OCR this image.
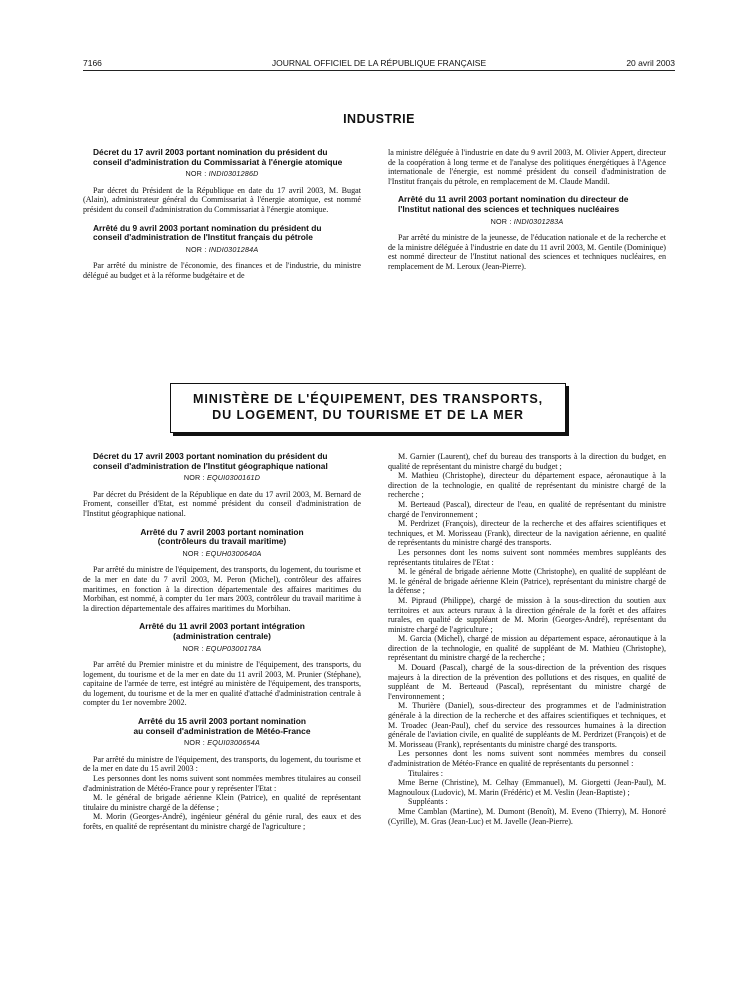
7166	JOURNAL OFFICIEL DE LA RÉPUBLIQUE FRANÇAISE	20 avril 2003
INDUSTRIE
Décret du 17 avril 2003 portant nomination du président du conseil d'administration du Commissariat à l'énergie atomique
NOR : INDI0301286D

Par décret du Président de la République en date du 17 avril 2003, M. Bugat (Alain), administrateur général du Commissariat à l'énergie atomique, est nommé président du conseil d'administration du Commissariat à l'énergie atomique.

Arrêté du 9 avril 2003 portant nomination du président du conseil d'administration de l'Institut français du pétrole
NOR : INDI0301284A

Par arrêté du ministre de l'économie, des finances et de l'industrie, du ministre délégué au budget et à la réforme budgétaire et de

la ministre déléguée à l'industrie en date du 9 avril 2003, M. Olivier Appert, directeur de la coopération à long terme et de l'analyse des politiques énergétiques à l'Agence internationale de l'énergie, est nommé président du conseil d'administration de l'Institut français du pétrole, en remplacement de M. Claude Mandil.

Arrêté du 11 avril 2003 portant nomination du directeur de l'Institut national des sciences et techniques nucléaires
NOR : INDI0301283A

Par arrêté du ministre de la jeunesse, de l'éducation nationale et de la recherche et de la ministre déléguée à l'industrie en date du 11 avril 2003, M. Gentile (Dominique) est nommé directeur de l'Institut national des sciences et techniques nucléaires, en remplacement de M. Leroux (Jean-Pierre).

MINISTÈRE DE L'ÉQUIPEMENT, DES TRANSPORTS,
DU LOGEMENT, DU TOURISME ET DE LA MER
Décret du 17 avril 2003 portant nomination du président du conseil d'administration de l'Institut géographique national
NOR : EQUI0300161D

Par décret du Président de la République en date du 17 avril 2003, M. Bernard de Froment, conseiller d'Etat, est nommé président du conseil d'administration de l'Institut géographique national.

Arrêté du 7 avril 2003 portant nomination
(contrôleurs du travail maritime)
NOR : EQUH0300640A

Par arrêté du ministre de l'équipement, des transports, du logement, du tourisme et de la mer en date du 7 avril 2003, M. Peron (Michel), contrôleur des affaires maritimes, en fonction à la direction départementale des affaires maritimes du Morbihan, est nommé, à compter du 1er mars 2003, contrôleur du travail maritime à la direction départementale des affaires maritimes du Morbihan.

Arrêté du 11 avril 2003 portant intégration
(administration centrale)
NOR : EQUP0300178A

Par arrêté du Premier ministre et du ministre de l'équipement, des transports, du logement, du tourisme et de la mer en date du 11 avril 2003, M. Prunier (Stéphane), capitaine de l'armée de terre, est intégré au ministère de l'équipement, des transports, du logement, du tourisme et de la mer en qualité d'attaché d'administration centrale à compter du 1er novembre 2002.

Arrêté du 15 avril 2003 portant nomination
au conseil d'administration de Météo-France
NOR : EQUI0300654A

Par arrêté du ministre de l'équipement, des transports, du logement, du tourisme et de la mer en date du 15 avril 2003 :

Les personnes dont les noms suivent sont nommées membres titulaires au conseil d'administration de Météo-France pour y représenter l'Etat :

M. le général de brigade aérienne Klein (Patrice), en qualité de représentant titulaire du ministre chargé de la défense ;

M. Morin (Georges-André), ingénieur général du génie rural, des eaux et des forêts, en qualité de représentant du ministre chargé de l'agriculture ;

M. Garnier (Laurent), chef du bureau des transports à la direction du budget, en qualité de représentant du ministre chargé du budget ;

M. Mathieu (Christophe), directeur du département espace, aéronautique à la direction de la technologie, en qualité de représentant du ministre chargé de la recherche ;

M. Berteaud (Pascal), directeur de l'eau, en qualité de représentant du ministre chargé de l'environnement ;

M. Perdrizet (François), directeur de la recherche et des affaires scientifiques et techniques, et M. Morisseau (Frank), directeur de la navigation aérienne, en qualité de représentants du ministre chargé des transports.

Les personnes dont les noms suivent sont nommées membres suppléants des représentants titulaires de l'Etat :

M. le général de brigade aérienne Motte (Christophe), en qualité de suppléant de M. le général de brigade aérienne Klein (Patrice), représentant du ministre chargé de la défense ;

M. Pipraud (Philippe), chargé de mission à la sous-direction du soutien aux territoires et aux acteurs ruraux à la direction générale de la forêt et des affaires rurales, en qualité de suppléant de M. Morin (Georges-André), représentant du ministre chargé de l'agriculture ;

M. Garcia (Michel), chargé de mission au département espace, aéronautique à la direction de la technologie, en qualité de suppléant de M. Mathieu (Christophe), représentant du ministre chargé de la recherche ;

M. Douard (Pascal), chargé de la sous-direction de la prévention des risques majeurs à la direction de la prévention des pollutions et des risques, en qualité de suppléant de M. Berteaud (Pascal), représentant du ministre chargé de l'environnement ;

M. Thurière (Daniel), sous-directeur des programmes et de l'administration générale à la direction de la recherche et des affaires scientifiques et techniques, et M. Troadec (Jean-Paul), chef du service des ressources humaines à la direction générale de l'aviation civile, en qualité de suppléants de M. Perdrizet (François) et de M. Morisseau (Frank), représentants du ministre chargé des transports.

Les personnes dont les noms suivent sont nommées membres du conseil d'administration de Météo-France en qualité de représentants du personnel :

Titulaires :

Mme Berne (Christine), M. Celhay (Emmanuel), M. Giorgetti (Jean-Paul), M. Magnouloux (Ludovic), M. Marin (Frédéric) et M. Veslin (Jean-Baptiste) ;

Suppléants :

Mme Camblan (Martine), M. Dumont (Benoît), M. Eveno (Thierry), M. Honoré (Cyrille), M. Gras (Jean-Luc) et M. Javelle (Jean-Pierre).
